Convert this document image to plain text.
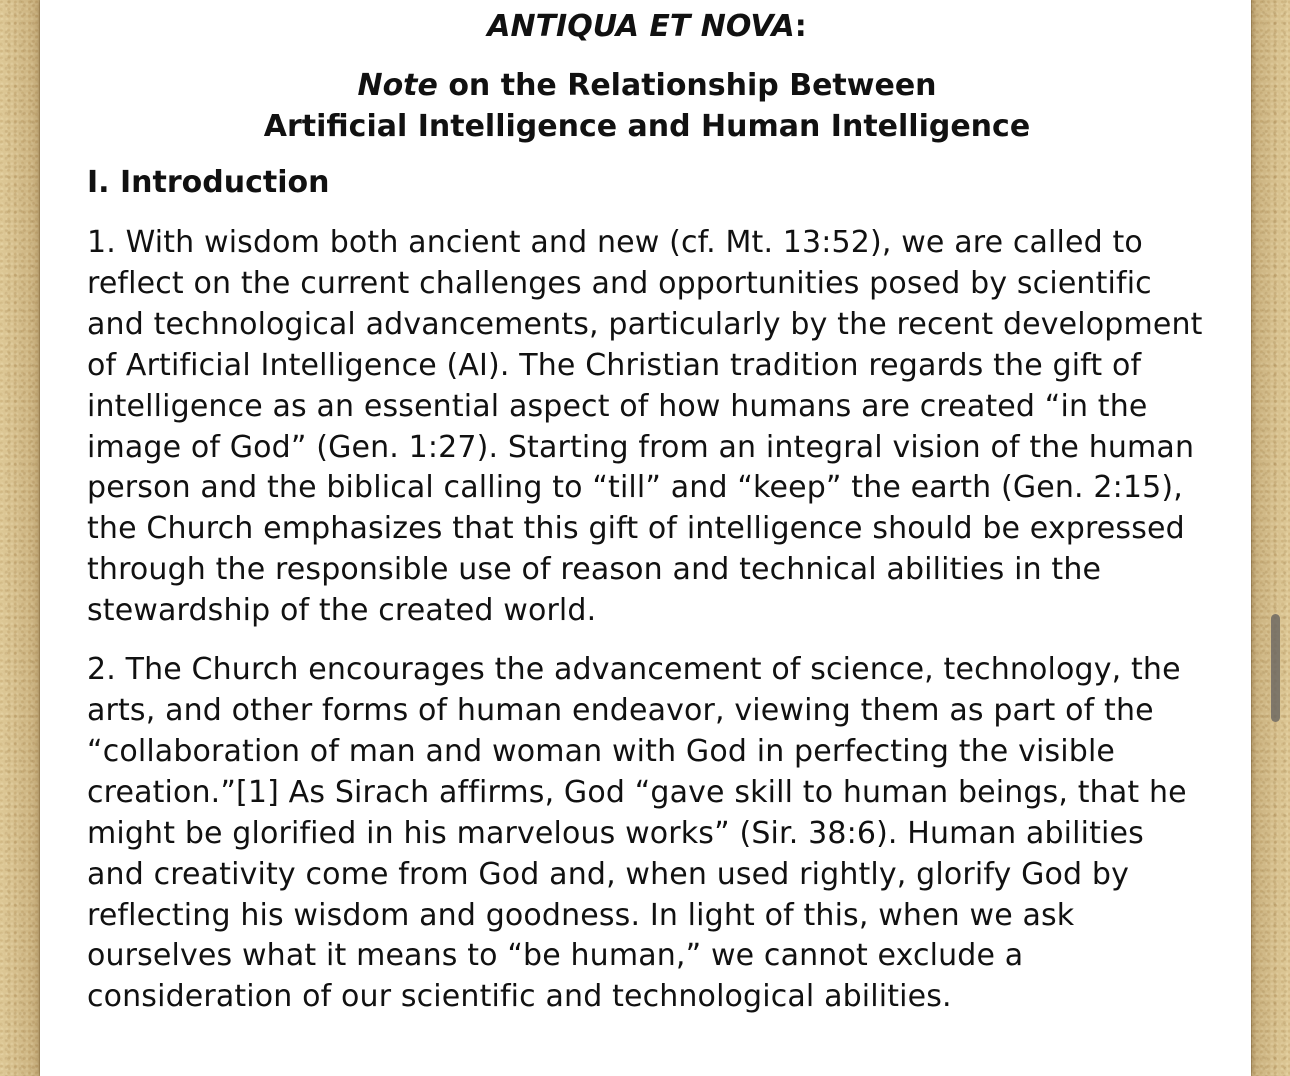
ANTIQUA ET NOVA:
Note on the Relationship Between
Artificial Intelligence and Human Intelligence
I. Introduction

1. With wisdom both ancient and new (cf. Mt. 13:52), we are called to reflect on the current challenges and opportunities posed by scientific and technological advancements, particularly by the recent development of Artificial Intelligence (AI). The Christian tradition regards the gift of intelligence as an essential aspect of how humans are created “in the image of God” (Gen. 1:27). Starting from an integral vision of the human person and the biblical calling to “till” and “keep” the earth (Gen. 2:15), the Church emphasizes that this gift of intelligence should be expressed through the responsible use of reason and technical abilities in the stewardship of the created world.

2. The Church encourages the advancement of science, technology, the arts, and other forms of human endeavor, viewing them as part of the “collaboration of man and woman with God in perfecting the visible creation.”[1] As Sirach affirms, God “gave skill to human beings, that he might be glorified in his marvelous works” (Sir. 38:6). Human abilities and creativity come from God and, when used rightly, glorify God by reflecting his wisdom and goodness. In light of this, when we ask ourselves what it means to “be human,” we cannot exclude a consideration of our scientific and technological abilities.
